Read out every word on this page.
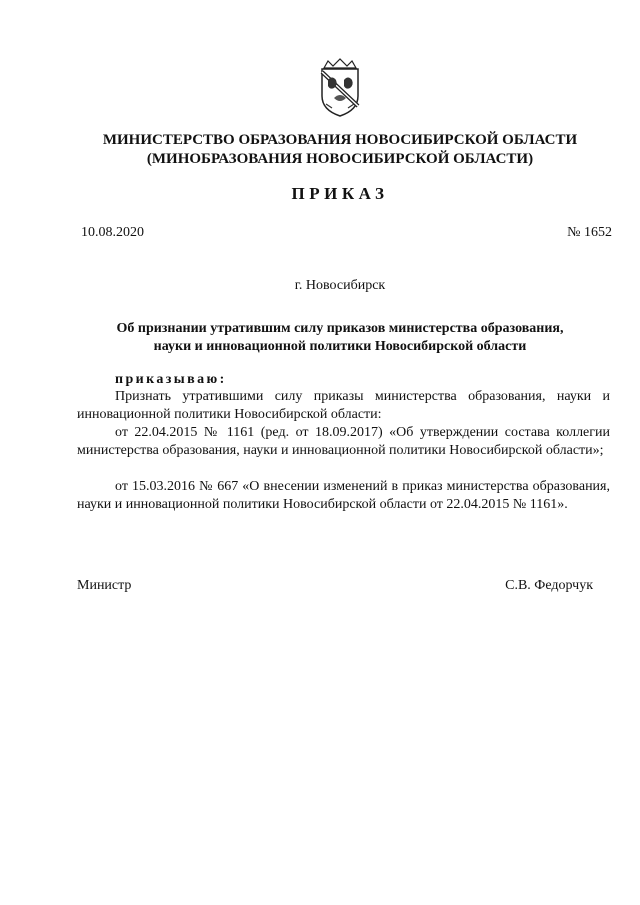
МИНИСТЕРСТВО ОБРАЗОВАНИЯ НОВОСИБИРСКОЙ ОБЛАСТИ
(МИНОБРАЗОВАНИЯ НОВОСИБИРСКОЙ ОБЛАСТИ)
ПРИКАЗ
10.08.2020	№ 1652
г. Новосибирск
Об признании утратившим силу приказов министерства образования,
науки и инновационной политики Новосибирской области
приказываю:

Признать утратившими силу приказы министерства образования, науки и инновационной политики Новосибирской области:

от 22.04.2015 № 1161 (ред. от 18.09.2017) «Об утверждении состава коллегии министерства образования, науки и инновационной политики Новосибирской области»;

от 15.03.2016 № 667 «О внесении изменений в приказ министерства образования, науки и инновационной политики Новосибирской области от 22.04.2015 № 1161».

Министр	С.В. Федорчук
